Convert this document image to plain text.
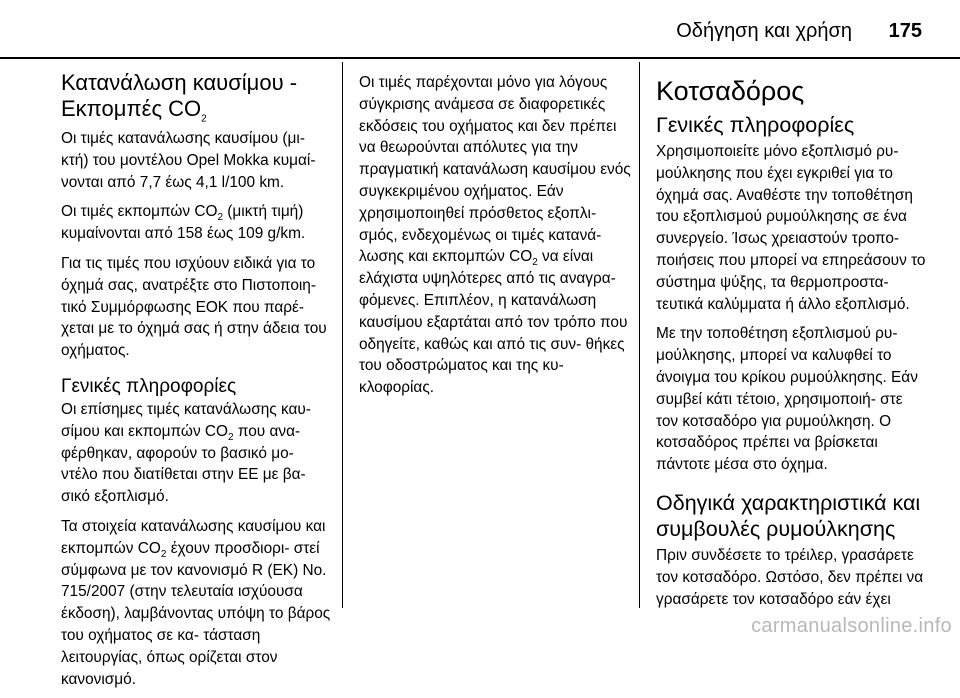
Οδήγηση και χρήση 175
Κατανάλωση καυσίμου - Εκπομπές $CO_2$

Οι τιμές κατανάλωσης καυσίμου (μι- κτή) του μοντέλου Opel Mokka κυμαί- νονται από 7,7 έως 4,1 l/100 km.

Οι τιμές εκπομπών $CO_2$ (μικτή τιμή) κυμαίνονται από 158 έως 109 g/km.

Για τις τιμές που ισχύουν ειδικά για το όχημά σας, ανατρέξτε στο Πιστοποιη- τικό Συμμόρφωσης ΕΟΚ που παρέ- χεται με το όχημά σας ή στην άδεια του οχήματος.

Γενικές πληροφορίες

Οι επίσημες τιμές κατανάλωσης καυ- σίμου και εκπομπών $CO_2$ που ανα- φέρθηκαν, αφορούν το βασικό μο- ντέλο που διατίθεται στην ΕΕ με βα- σικό εξοπλισμό.

Τα στοιχεία κατανάλωσης καυσίμου και εκπομπών $CO_2$ έχουν προσδιορι- στεί σύμφωνα με τον κανονισμό R (ΕΚ) No. 715/2007 (στην τελευταία ισχύουσα έκδοση), λαμβάνοντας υπόψη το βάρος του οχήματος σε κα- τάσταση λειτουργίας, όπως ορίζεται στον κανονισμό.

Οι τιμές παρέχονται μόνο για λόγους σύγκρισης ανάμεσα σε διαφορετικές εκδόσεις του οχήματος και δεν πρέπει να θεωρούνται απόλυτες για την πραγματική κατανάλωση καυσίμου ενός συγκεκριμένου οχήματος. Εάν χρησιμοποιηθεί πρόσθετος εξοπλι- σμός, ενδεχομένως οι τιμές κατανά- λωσης και εκπομπών $CO_2$ να είναι ελάχιστα υψηλότερες από τις αναγρα- φόμενες. Επιπλέον, η κατανάλωση καυσίμου εξαρτάται από τον τρόπο που οδηγείτε, καθώς και από τις συν- θήκες του οδοστρώματος και της κυ- κλοφορίας.

Κοτσαδόρος
Γενικές πληροφορίες

Χρησιμοποιείτε μόνο εξοπλισμό ρυ- μούλκησης που έχει εγκριθεί για το όχημά σας. Αναθέστε την τοποθέτηση του εξοπλισμού ρυμούλκησης σε ένα συνεργείο. Ίσως χρειαστούν τροπο- ποιήσεις που μπορεί να επηρεάσουν το σύστημα ψύξης, τα θερμοπροστα- τευτικά καλύμματα ή άλλο εξοπλισμό.

Με την τοποθέτηση εξοπλισμού ρυ- μούλκησης, μπορεί να καλυφθεί το άνοιγμα του κρίκου ρυμούλκησης. Εάν συμβεί κάτι τέτοιο, χρησιμοποιή- στε τον κοτσαδόρο για ρυμούλκηση. Ο κοτσαδόρος πρέπει να βρίσκεται πάντοτε μέσα στο όχημα.

Οδηγικά χαρακτηριστικά και συμβουλές ρυμούλκησης

Πριν συνδέσετε το τρέιλερ, γρασάρετε τον κοτσαδόρο. Ωστόσο, δεν πρέπει να γρασάρετε τον κοτσαδόρο εάν έχει

carmanualsonline.info
